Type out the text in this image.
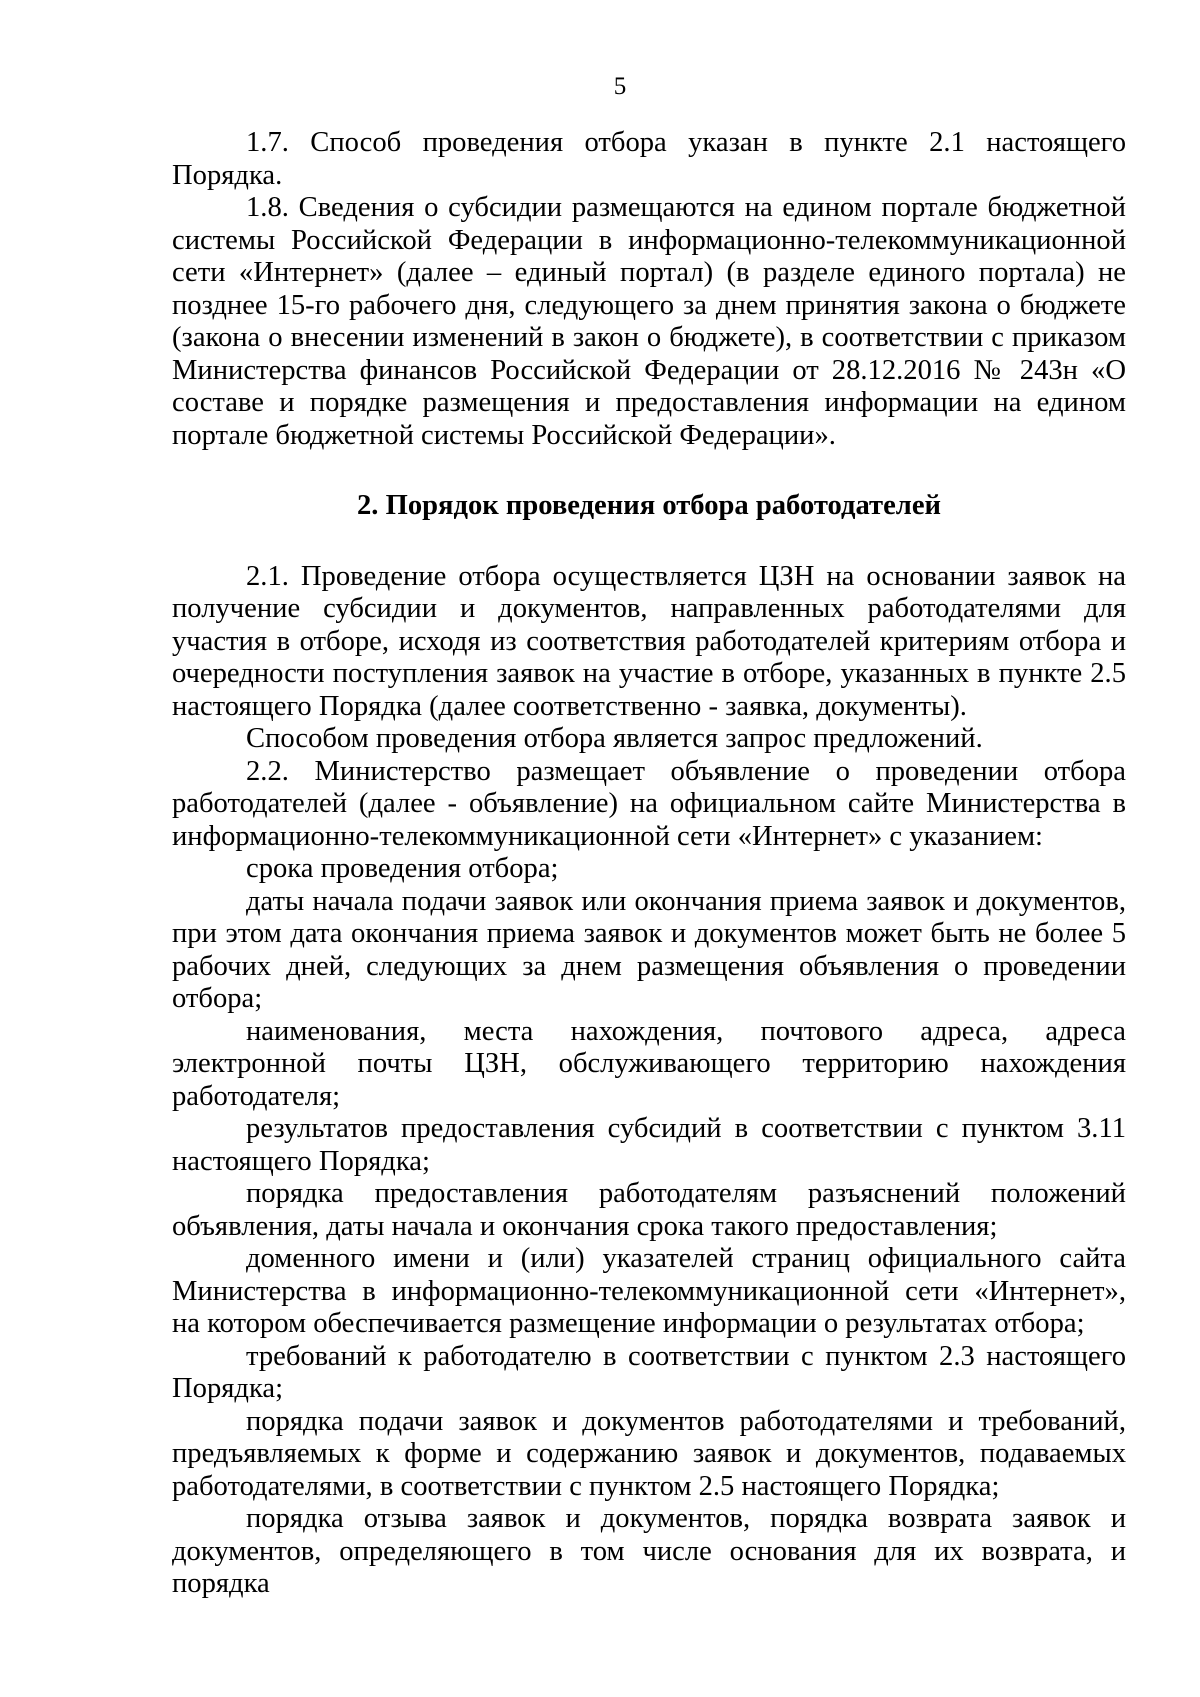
5

1.7. Способ проведения отбора указан в пункте 2.1 настоящего Порядка.

1.8. Сведения о субсидии размещаются на едином портале бюджетной системы Российской Федерации в информационно-телекоммуникационной сети «Интернет» (далее – единый портал) (в разделе единого портала) не позднее 15-го рабочего дня, следующего за днем принятия закона о бюджете (закона о внесении изменений в закон о бюджете), в соответствии с приказом Министерства финансов Российской Федерации от 28.12.2016 № 243н «О составе и порядке размещения и предоставления информации на едином портале бюджетной системы Российской Федерации».

2. Порядок проведения отбора работодателей

2.1. Проведение отбора осуществляется ЦЗН на основании заявок на получение субсидии и документов, направленных работодателями для участия в отборе, исходя из соответствия работодателей критериям отбора и очередности поступления заявок на участие в отборе, указанных в пункте 2.5 настоящего Порядка (далее соответственно - заявка, документы).

Способом проведения отбора является запрос предложений.

2.2. Министерство размещает объявление о проведении отбора работодателей (далее - объявление) на официальном сайте Министерства в информационно-телекоммуникационной сети «Интернет» с указанием:

срока проведения отбора;

даты начала подачи заявок или окончания приема заявок и документов, при этом дата окончания приема заявок и документов может быть не более 5 рабочих дней, следующих за днем размещения объявления о проведении отбора;

наименования, места нахождения, почтового адреса, адреса электронной почты ЦЗН, обслуживающего территорию нахождения работодателя;

результатов предоставления субсидий в соответствии с пунктом 3.11 настоящего Порядка;

порядка предоставления работодателям разъяснений положений объявления, даты начала и окончания срока такого предоставления;

доменного имени и (или) указателей страниц официального сайта Министерства в информационно-телекоммуникационной сети «Интернет», на котором обеспечивается размещение информации о результатах отбора;

требований к работодателю в соответствии с пунктом 2.3 настоящего Порядка;

порядка подачи заявок и документов работодателями и требований, предъявляемых к форме и содержанию заявок и документов, подаваемых работодателями, в соответствии с пунктом 2.5 настоящего Порядка;

порядка отзыва заявок и документов, порядка возврата заявок и документов, определяющего в том числе основания для их возврата, и порядка
